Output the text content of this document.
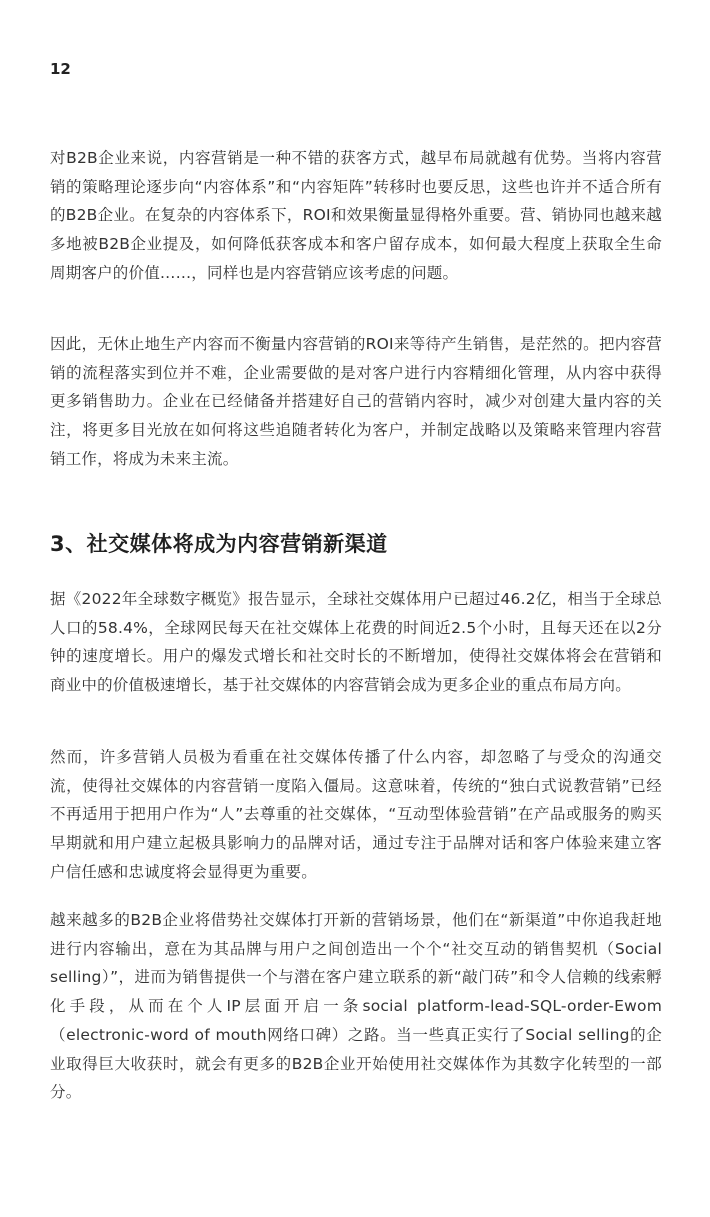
12

对B2B企业来说，内容营销是一种不错的获客方式，越早布局就越有优势。当将内容营销的策略理论逐步向“内容体系”和“内容矩阵”转移时也要反思，这些也许并不适合所有的B2B企业。在复杂的内容体系下，ROI和效果衡量显得格外重要。营、销协同也越来越多地被B2B企业提及，如何降低获客成本和客户留存成本，如何最大程度上获取全生命周期客户的价值……，同样也是内容营销应该考虑的问题。

因此，无休止地生产内容而不衡量内容营销的ROI来等待产生销售，是茫然的。把内容营销的流程落实到位并不难，企业需要做的是对客户进行内容精细化管理，从内容中获得更多销售助力。企业在已经储备并搭建好自己的营销内容时，减少对创建大量内容的关注，将更多目光放在如何将这些追随者转化为客户，并制定战略以及策略来管理内容营销工作，将成为未来主流。

3、社交媒体将成为内容营销新渠道

据《2022年全球数字概览》报告显示，全球社交媒体用户已超过46.2亿，相当于全球总人口的58.4%，全球网民每天在社交媒体上花费的时间近2.5个小时，且每天还在以2分钟的速度增长。用户的爆发式增长和社交时长的不断增加，使得社交媒体将会在营销和商业中的价值极速增长，基于社交媒体的内容营销会成为更多企业的重点布局方向。

然而，许多营销人员极为看重在社交媒体传播了什么内容，却忽略了与受众的沟通交流，使得社交媒体的内容营销一度陷入僵局。这意味着，传统的“独白式说教营销”已经不再适用于把用户作为“人”去尊重的社交媒体，“互动型体验营销”在产品或服务的购买早期就和用户建立起极具影响力的品牌对话，通过专注于品牌对话和客户体验来建立客户信任感和忠诚度将会显得更为重要。

越来越多的B2B企业将借势社交媒体打开新的营销场景，他们在“新渠道”中你追我赶地进行内容输出，意在为其品牌与用户之间创造出一个个“社交互动的销售契机（Social selling）”，进而为销售提供一个与潜在客户建立联系的新“敲门砖”和令人信赖的线索孵化手段，从而在个人IP层面开启一条social platform-lead-SQL-order-Ewom（electronic-word of mouth网络口碑）之路。当一些真正实行了Social selling的企业取得巨大收获时，就会有更多的B2B企业开始使用社交媒体作为其数字化转型的一部分。
